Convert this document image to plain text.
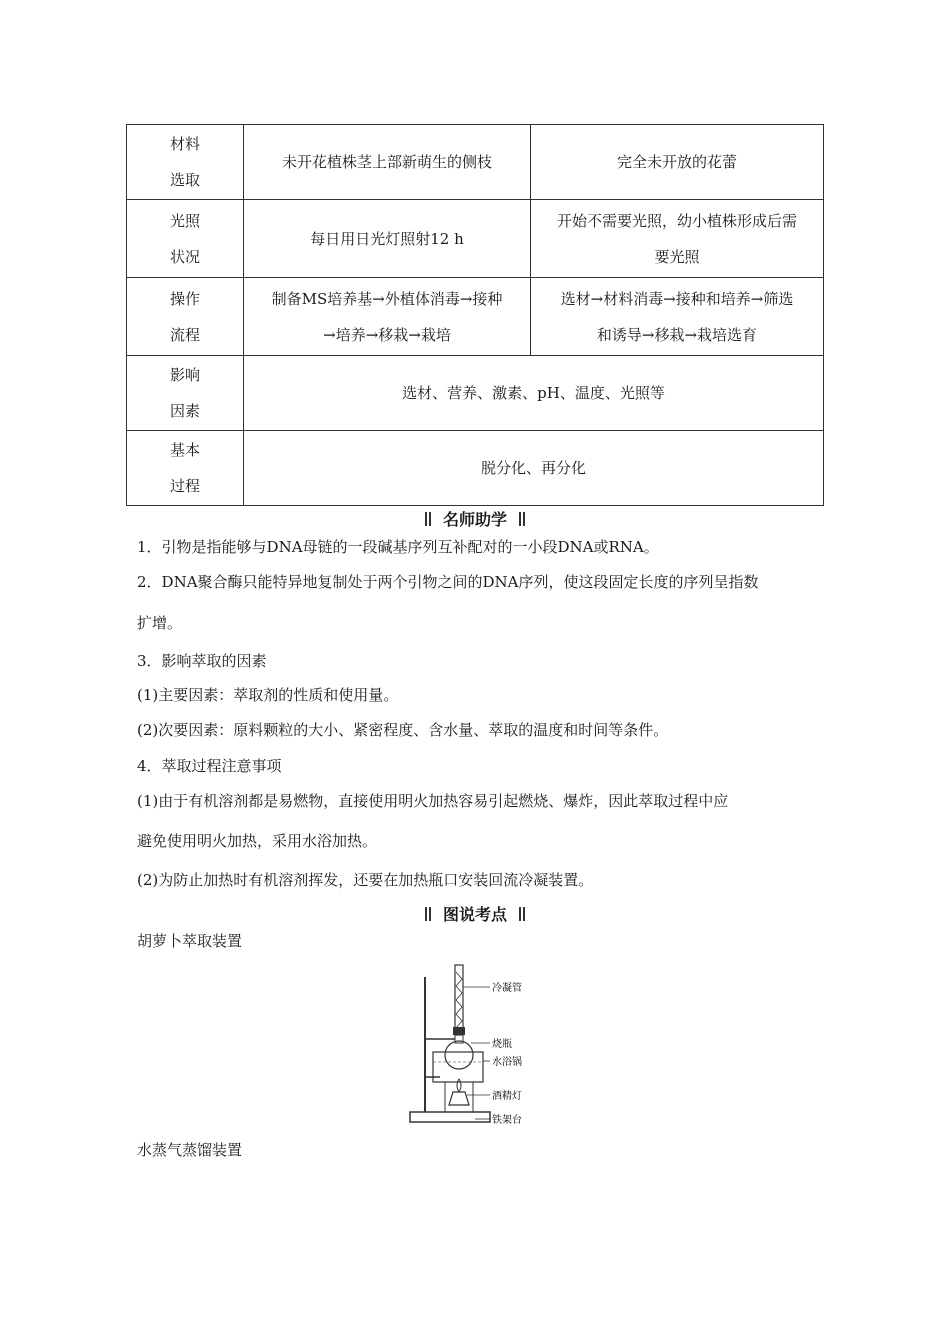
材料
选取	未开花植株茎上部新萌生的侧枝	完全未开放的花蕾

光照
状况	每日用日光灯照射12 h	开始不需要光照，幼小植株形成后需
要光照

操作
流程	制备MS培养基→外植体消毒→接种
→培养→移栽→栽培	选材→材料消毒→接种和培养→筛选
和诱导→移栽→栽培选育

影响
因素	选材、营养、激素、pH、温度、光照等	

基本
过程	脱分化、再分化	
名师助学
1．引物是指能够与DNA母链的一段碱基序列互补配对的一小段DNA或RNA。
2．DNA聚合酶只能特异地复制处于两个引物之间的DNA序列，使这段固定长度的序列呈指数
扩增。
3．影响萃取的因素
(1)主要因素：萃取剂的性质和使用量。
(2)次要因素：原料颗粒的大小、紧密程度、含水量、萃取的温度和时间等条件。
4．萃取过程注意事项
(1)由于有机溶剂都是易燃物，直接使用明火加热容易引起燃烧、爆炸，因此萃取过程中应
避免使用明火加热，采用水浴加热。
(2)为防止加热时有机溶剂挥发，还要在加热瓶口安装回流冷凝装置。
图说考点
胡萝卜萃取装置
冷凝管
烧瓶
水浴锅
酒精灯
铁架台
水蒸气蒸馏装置
